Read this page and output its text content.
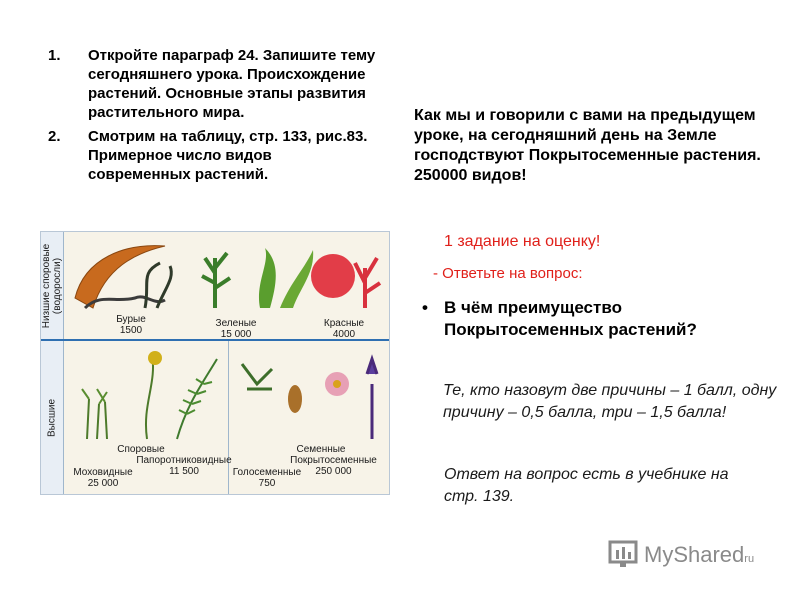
1. Откройте параграф 24. Запишите тему сегодняшнего урока. Происхождение растений. Основные этапы развития растительного мира.
2. Смотрим на таблицу, стр. 133, рис.83. Примерное число видов современных растений.
Низшие споровые
(водоросли)
Высшие
Бурые
1500
Зеленые
15 000
Красные
4000
Споровые	Семенные
Папоротниковидные
11 500
Моховидные
25 000
Покрытосеменные
250 000
Голосеменные
750
Как мы и говорили с вами на предыдущем уроке, на сегодняшний день на Земле господствуют Покрытосеменные растения. 250000 видов!
1 задание на оценку!
- Ответьте на вопрос:
• В чём преимущество Покрытосеменных растений?
Те, кто назовут две причины – 1 балл, одну причину – 0,5 балла, три – 1,5 балла!
Ответ на вопрос есть в учебнике на стр. 139.
MySharedru
